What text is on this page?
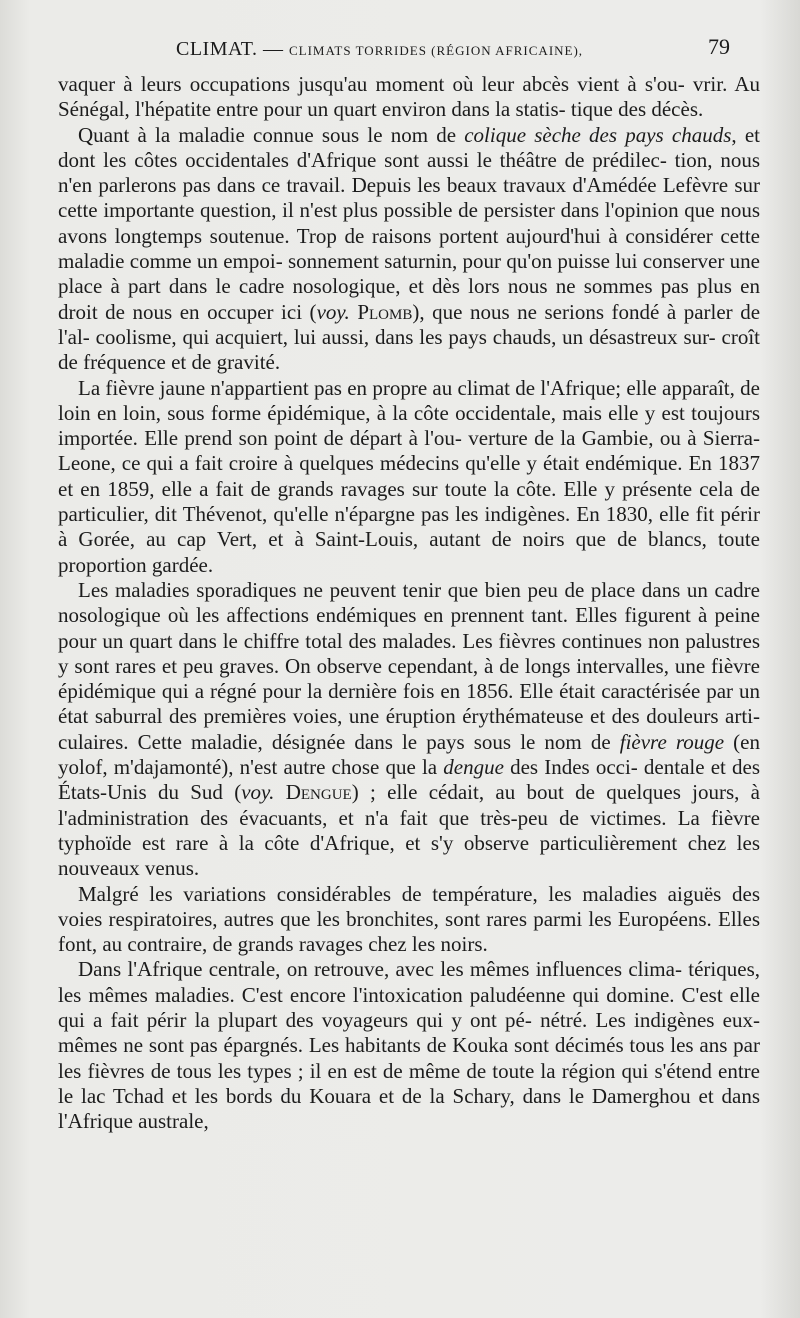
CLIMAT. — CLIMATS TORRIDES (RÉGION AFRICAINE),	79

vaquer à leurs occupations jusqu'au moment où leur abcès vient à s'ou- vrir. Au Sénégal, l'hépatite entre pour un quart environ dans la statis- tique des décès.

Quant à la maladie connue sous le nom de colique sèche des pays chauds, et dont les côtes occidentales d'Afrique sont aussi le théâtre de prédilec- tion, nous n'en parlerons pas dans ce travail. Depuis les beaux travaux d'Amédée Lefèvre sur cette importante question, il n'est plus possible de persister dans l'opinion que nous avons longtemps soutenue. Trop de raisons portent aujourd'hui à considérer cette maladie comme un empoi- sonnement saturnin, pour qu'on puisse lui conserver une place à part dans le cadre nosologique, et dès lors nous ne sommes pas plus en droit de nous en occuper ici (voy. Plomb), que nous ne serions fondé à parler de l'al- coolisme, qui acquiert, lui aussi, dans les pays chauds, un désastreux sur- croît de fréquence et de gravité.

La fièvre jaune n'appartient pas en propre au climat de l'Afrique; elle apparaît, de loin en loin, sous forme épidémique, à la côte occidentale, mais elle y est toujours importée. Elle prend son point de départ à l'ou- verture de la Gambie, ou à Sierra-Leone, ce qui a fait croire à quelques médecins qu'elle y était endémique. En 1837 et en 1859, elle a fait de grands ravages sur toute la côte. Elle y présente cela de particulier, dit Thévenot, qu'elle n'épargne pas les indigènes. En 1830, elle fit périr à Gorée, au cap Vert, et à Saint-Louis, autant de noirs que de blancs, toute proportion gardée.

Les maladies sporadiques ne peuvent tenir que bien peu de place dans un cadre nosologique où les affections endémiques en prennent tant. Elles figurent à peine pour un quart dans le chiffre total des malades. Les fièvres continues non palustres y sont rares et peu graves. On observe cependant, à de longs intervalles, une fièvre épidémique qui a régné pour la dernière fois en 1856. Elle était caractérisée par un état saburral des premières voies, une éruption érythémateuse et des douleurs arti- culaires. Cette maladie, désignée dans le pays sous le nom de fièvre rouge (en yolof, m'dajamonté), n'est autre chose que la dengue des Indes occi- dentale et des États-Unis du Sud (voy. Dengue) ; elle cédait, au bout de quelques jours, à l'administration des évacuants, et n'a fait que très-peu de victimes. La fièvre typhoïde est rare à la côte d'Afrique, et s'y observe particulièrement chez les nouveaux venus.

Malgré les variations considérables de température, les maladies aiguës des voies respiratoires, autres que les bronchites, sont rares parmi les Européens. Elles font, au contraire, de grands ravages chez les noirs.

Dans l'Afrique centrale, on retrouve, avec les mêmes influences clima- tériques, les mêmes maladies. C'est encore l'intoxication paludéenne qui domine. C'est elle qui a fait périr la plupart des voyageurs qui y ont pé- nétré. Les indigènes eux-mêmes ne sont pas épargnés. Les habitants de Kouka sont décimés tous les ans par les fièvres de tous les types ; il en est de même de toute la région qui s'étend entre le lac Tchad et les bords du Kouara et de la Schary, dans le Damerghou et dans l'Afrique australe,
